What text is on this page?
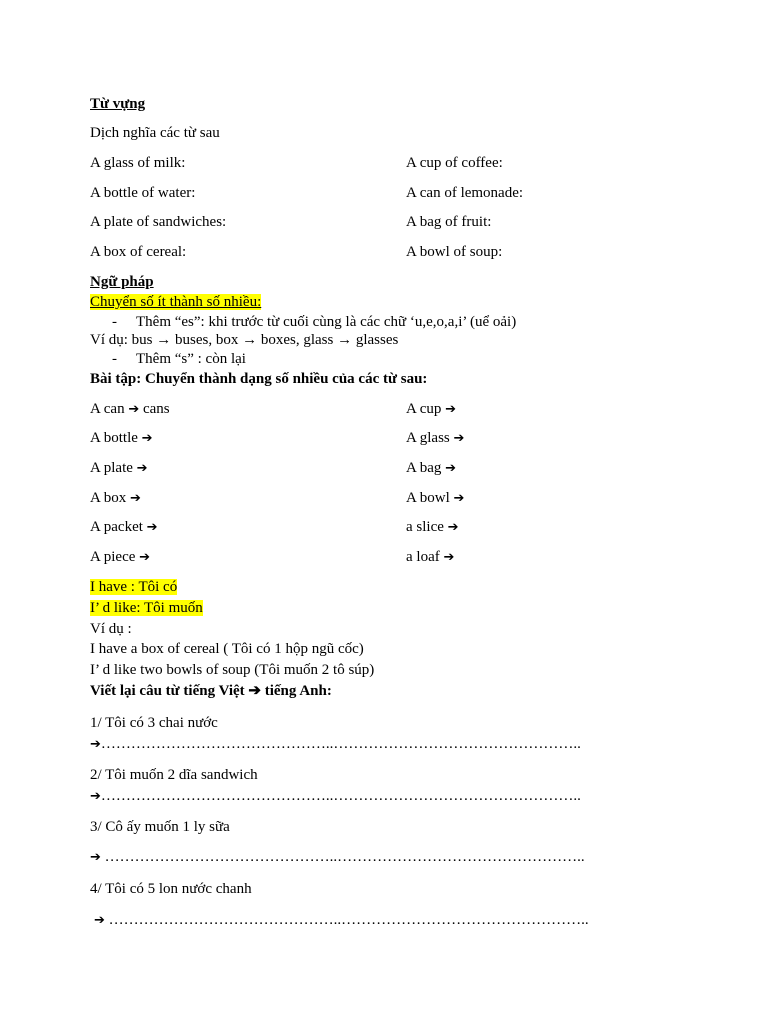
Từ vựng
Dịch nghĩa các từ sau
A glass of milk:	A cup of coffee:
A bottle of water:	A can of lemonade:
A plate of sandwiches:	A bag of fruit:
A box of cereal:	A bowl of soup:
Ngữ pháp
Chuyển số ít thành số nhiều:
- Thêm “es”: khi trước từ cuối cùng là các chữ ‘u,e,o,a,i’ (uể oải)
Ví dụ: bus → buses, box → boxes, glass → glasses
- Thêm “s” : còn lại
Bài tập: Chuyển thành dạng số nhiều của các từ sau:
A can ➔ cans	A cup ➔
A bottle ➔	A glass ➔
A plate ➔	A bag ➔
A box ➔	A bowl ➔
A packet ➔	a slice ➔
A piece ➔	a loaf ➔
I have : Tôi có
I’ d like: Tôi muốn
Ví dụ :
I have a box of cereal ( Tôi có 1 hộp ngũ cốc)
I’ d like two bowls of soup (Tôi muốn 2 tô súp)
Viết lại câu từ tiếng Việt ➔ tiếng Anh:
1/ Tôi có 3 chai nước
➔………………………………………..…………………………………………..
2/ Tôi muốn 2 dĩa sandwich
➔………………………………………..…………………………………………..
3/ Cô ấy muốn 1 ly sữa
➔ ………………………………………..…………………………………………..
4/ Tôi có 5 lon nước chanh
➔ ………………………………………..…………………………………………..
